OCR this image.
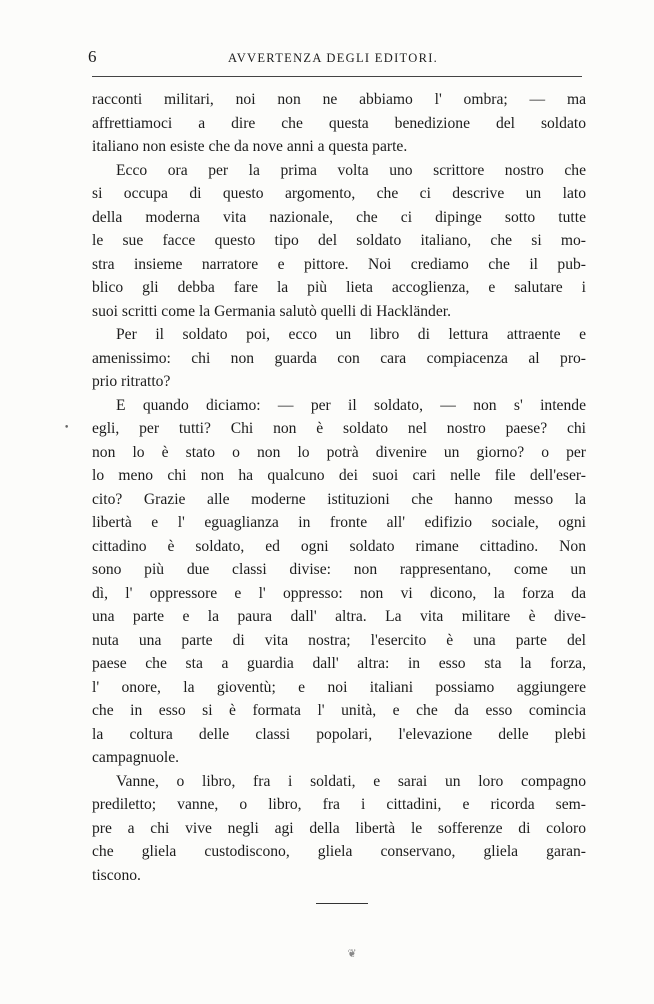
6	AVVERTENZA DEGLI EDITORI.
racconti militari, noi non ne abbiamo l' ombra; — ma
affrettiamoci a dire che questa benedizione del soldato
italiano non esiste che da nove anni a questa parte.
Ecco ora per la prima volta uno scrittore nostro che
si occupa di questo argomento, che ci descrive un lato
della moderna vita nazionale, che ci dipinge sotto tutte
le sue facce questo tipo del soldato italiano, che si mo-
stra insieme narratore e pittore. Noi crediamo che il pub-
blico gli debba fare la più lieta accoglienza, e salutare i
suoi scritti come la Germania salutò quelli di Hackländer.
Per il soldato poi, ecco un libro di lettura attraente e
amenissimo: chi non guarda con cara compiacenza al pro-
prio ritratto?
E quando diciamo: — per il soldato, — non s' intende
egli, per tutti? Chi non è soldato nel nostro paese? chi
non lo è stato o non lo potrà divenire un giorno? o per
lo meno chi non ha qualcuno dei suoi cari nelle file dell'eser-
cito? Grazie alle moderne istituzioni che hanno messo la
libertà e l' eguaglianza in fronte all' edifizio sociale, ogni
cittadino è soldato, ed ogni soldato rimane cittadino. Non
sono più due classi divise: non rappresentano, come un
dì, l' oppressore e l' oppresso: non vi dicono, la forza da
una parte e la paura dall' altra. La vita militare è dive-
nuta una parte di vita nostra; l'esercito è una parte del
paese che sta a guardia dall' altra: in esso sta la forza,
l' onore, la gioventù; e noi italiani possiamo aggiungere
che in esso si è formata l' unità, e che da esso comincia
la coltura delle classi popolari, l'elevazione delle plebi
campagnuole.
Vanne, o libro, fra i soldati, e sarai un loro compagno
prediletto; vanne, o libro, fra i cittadini, e ricorda sem-
pre a chi vive negli agi della libertà le sofferenze di coloro
che gliela custodiscono, gliela conservano, gliela garan-
tiscono.
❦
•
